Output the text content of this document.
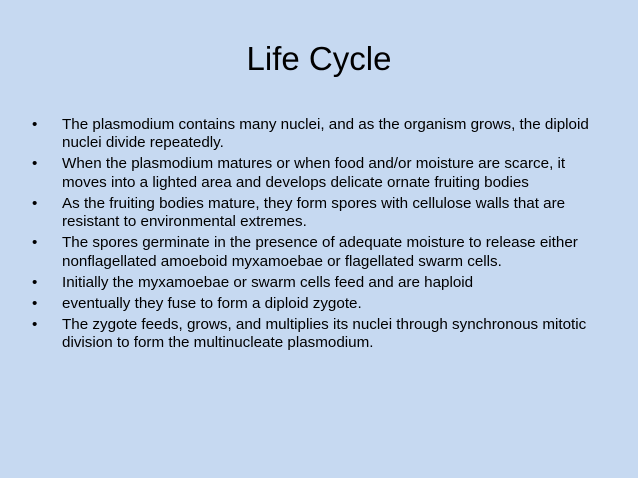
Life Cycle
•	The plasmodium contains many nuclei, and as the organism grows, the diploid nuclei divide repeatedly.
•	When the plasmodium matures or when food and/or moisture are scarce, it moves into a lighted area and develops delicate ornate fruiting bodies
•	As the fruiting bodies mature, they form spores with cellulose walls that are resistant to environmental extremes.
•	The spores germinate in the presence of adequate moisture to release either nonflagellated amoeboid myxamoebae or flagellated swarm cells.
•	Initially the myxamoebae or swarm cells feed and are haploid
•	eventually they fuse to form a diploid zygote.
•	The zygote feeds, grows, and multiplies its nuclei through synchronous mitotic division to form the multinucleate plasmodium.
